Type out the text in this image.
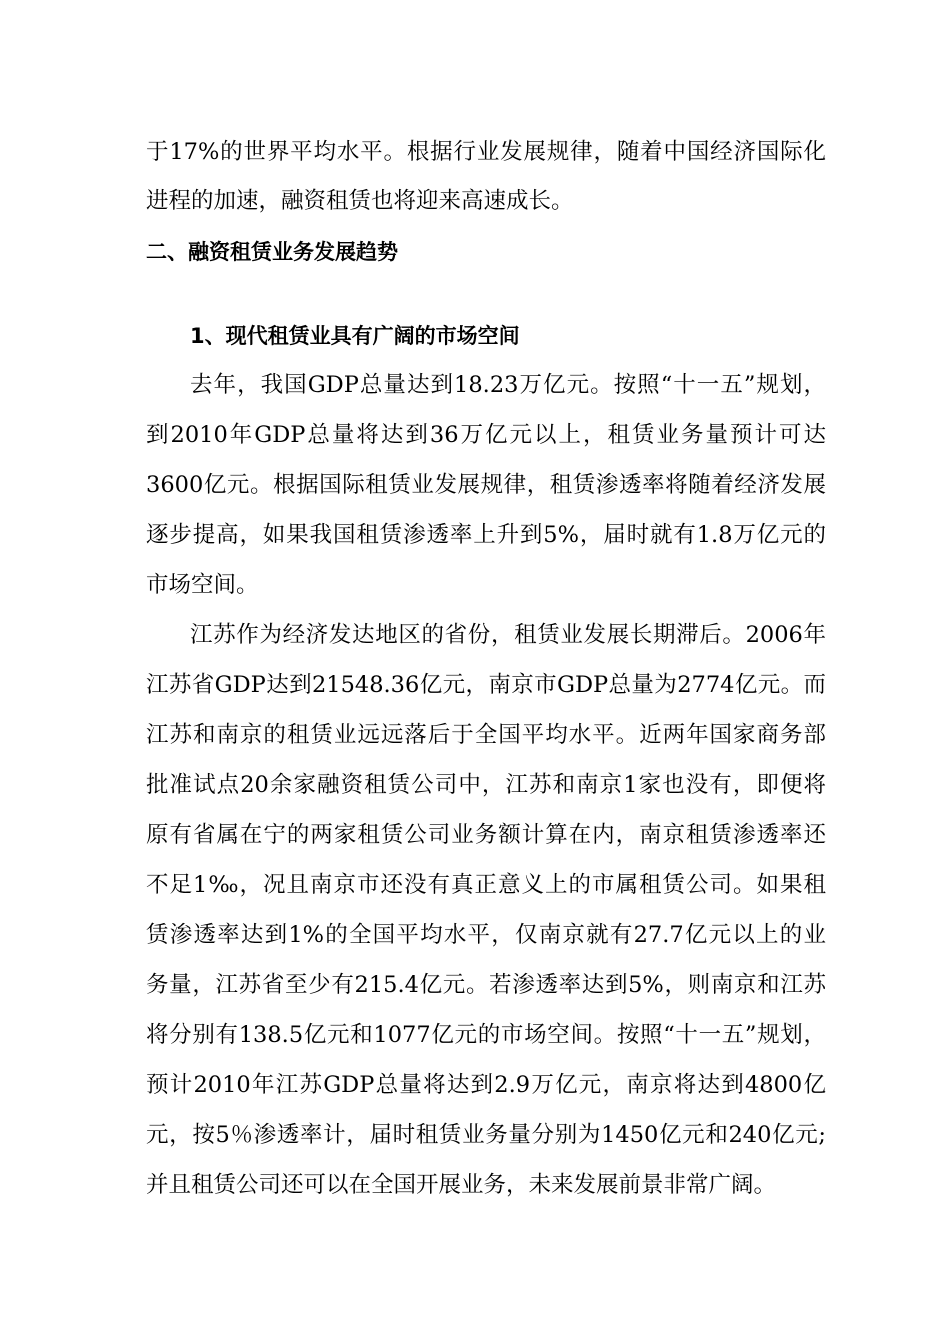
于17%的世界平均水平。根据行业发展规律，随着中国经济国际化
进程的加速，融资租赁也将迎来高速成长。
二、融资租赁业务发展趋势
1、现代租赁业具有广阔的市场空间
去年，我国GDP总量达到18.23万亿元。按照“十一五”规划，
到2010年GDP总量将达到36万亿元以上，租赁业务量预计可达
3600亿元。根据国际租赁业发展规律，租赁渗透率将随着经济发展
逐步提高，如果我国租赁渗透率上升到5%，届时就有1.8万亿元的
市场空间。
江苏作为经济发达地区的省份，租赁业发展长期滞后。2006年
江苏省GDP达到21548.36亿元，南京市GDP总量为2774亿元。而
江苏和南京的租赁业远远落后于全国平均水平。近两年国家商务部
批准试点20余家融资租赁公司中，江苏和南京1家也没有，即便将
原有省属在宁的两家租赁公司业务额计算在内，南京租赁渗透率还
不足1‰，况且南京市还没有真正意义上的市属租赁公司。如果租
赁渗透率达到1%的全国平均水平，仅南京就有27.7亿元以上的业
务量，江苏省至少有215.4亿元。若渗透率达到5%，则南京和江苏
将分别有138.5亿元和1077亿元的市场空间。按照“十一五”规划，
预计2010年江苏GDP总量将达到2.9万亿元，南京将达到4800亿
元，按5％渗透率计，届时租赁业务量分别为1450亿元和240亿元;
并且租赁公司还可以在全国开展业务，未来发展前景非常广阔。
